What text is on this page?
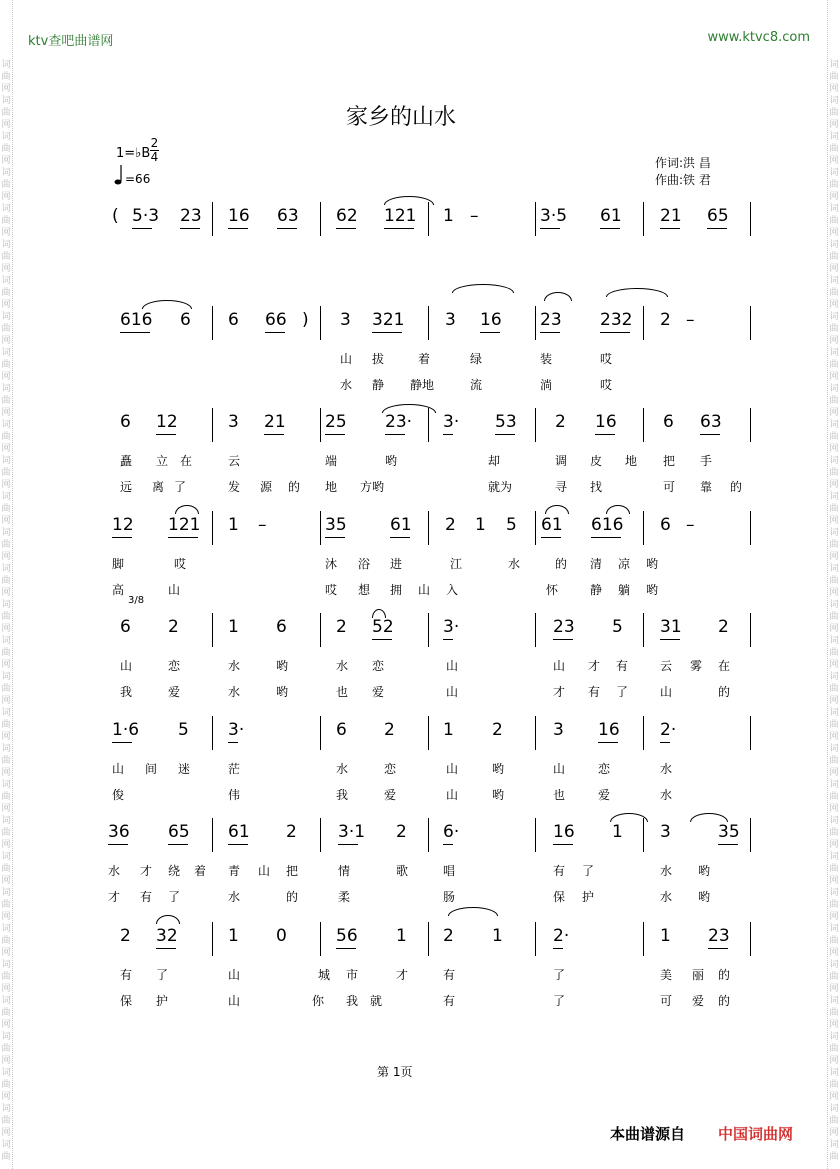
词
曲
网
词
曲
网
词
曲
网
词
曲
网
词
曲
网
词
曲
网
词
曲
网
词
曲
网
词
曲
网
词
曲
网
词
曲
网
词
曲
网
词
曲
网
词
曲
网
词
曲
网
词
曲
网
词
曲
网
词
曲
网
词
曲
网
词
曲
网
词
曲
网
词
曲
网
词
曲
网
词
曲
网
词
曲
网
词
曲
网
词
曲
网
词
曲
网
词
曲
网
词
曲
网
词
曲
词
曲
网
词
曲
网
词
曲
网
词
曲
网
词
曲
网
词
曲
网
词
曲
网
词
曲
网
词
曲
网
词
曲
网
词
曲
网
词
曲
网
词
曲
网
词
曲
网
词
曲
网
词
曲
网
词
曲
网
词
曲
网
词
曲
网
词
曲
网
词
曲
网
词
曲
网
词
曲
网
词
曲
网
词
曲
网
词
曲
网
词
曲
网
词
曲
网
词
曲
网
词
曲
网
词
曲
ktv查吧曲谱网	www.ktvc8.com
家乡的山水
1=♭B
2
4
=66
作词:洪 昌
作曲:铁 君
( 5·3 23 16 63 62 121 1 –	3·5 61 21 65
616 6 6 66 ) 3 321 3 16 23 232 2 –
山 拔	着	绿	装	哎
水 静 静地	流	淌	哎
6 12	3 21 25 23· 3· 53 2 16	6 63
矗 立 在	云	端	哟	却	调 皮 地 把 手
远 离 了	发 源 的 地 方哟	就为	寻 找	可 靠 的
12 121 1 –	35	61 2 1 5 61 616 6 –
脚	哎	沐 浴 进	江	水	的 清 凉 哟
高	山	哎 想 拥 山 入	怀	静 躺 哟
3/8
6 2	1 6	2 52	3·	23 5 31 2
山	恋	水	哟	水 恋	山	山 才 有	云 雾 在
我	爱	水	哟	也 爱	山	才 有 了	山	的
1·6 5 3·	6 2	1 2	3 16 2·
山 间 迷	茫	水	恋	山	哟	山	恋	水
俊	伟	我	爱	山	哟	也	爱	水
36 65 61 2 3·1 2 6·	16 1 3	35
水 才 绕 着 青 山 把	情	歌	唱	有 了	水 哟
才 有 了	水	的	柔	肠	保 护	水 哟
2 32	1 0	56 1 2 1	2·	1 23
有 了	山	城 市	才	有	了	美 丽 的
保 护	山	你 我 就	有	了	可 爱 的
第 1页
本曲谱源自 中国词曲网
